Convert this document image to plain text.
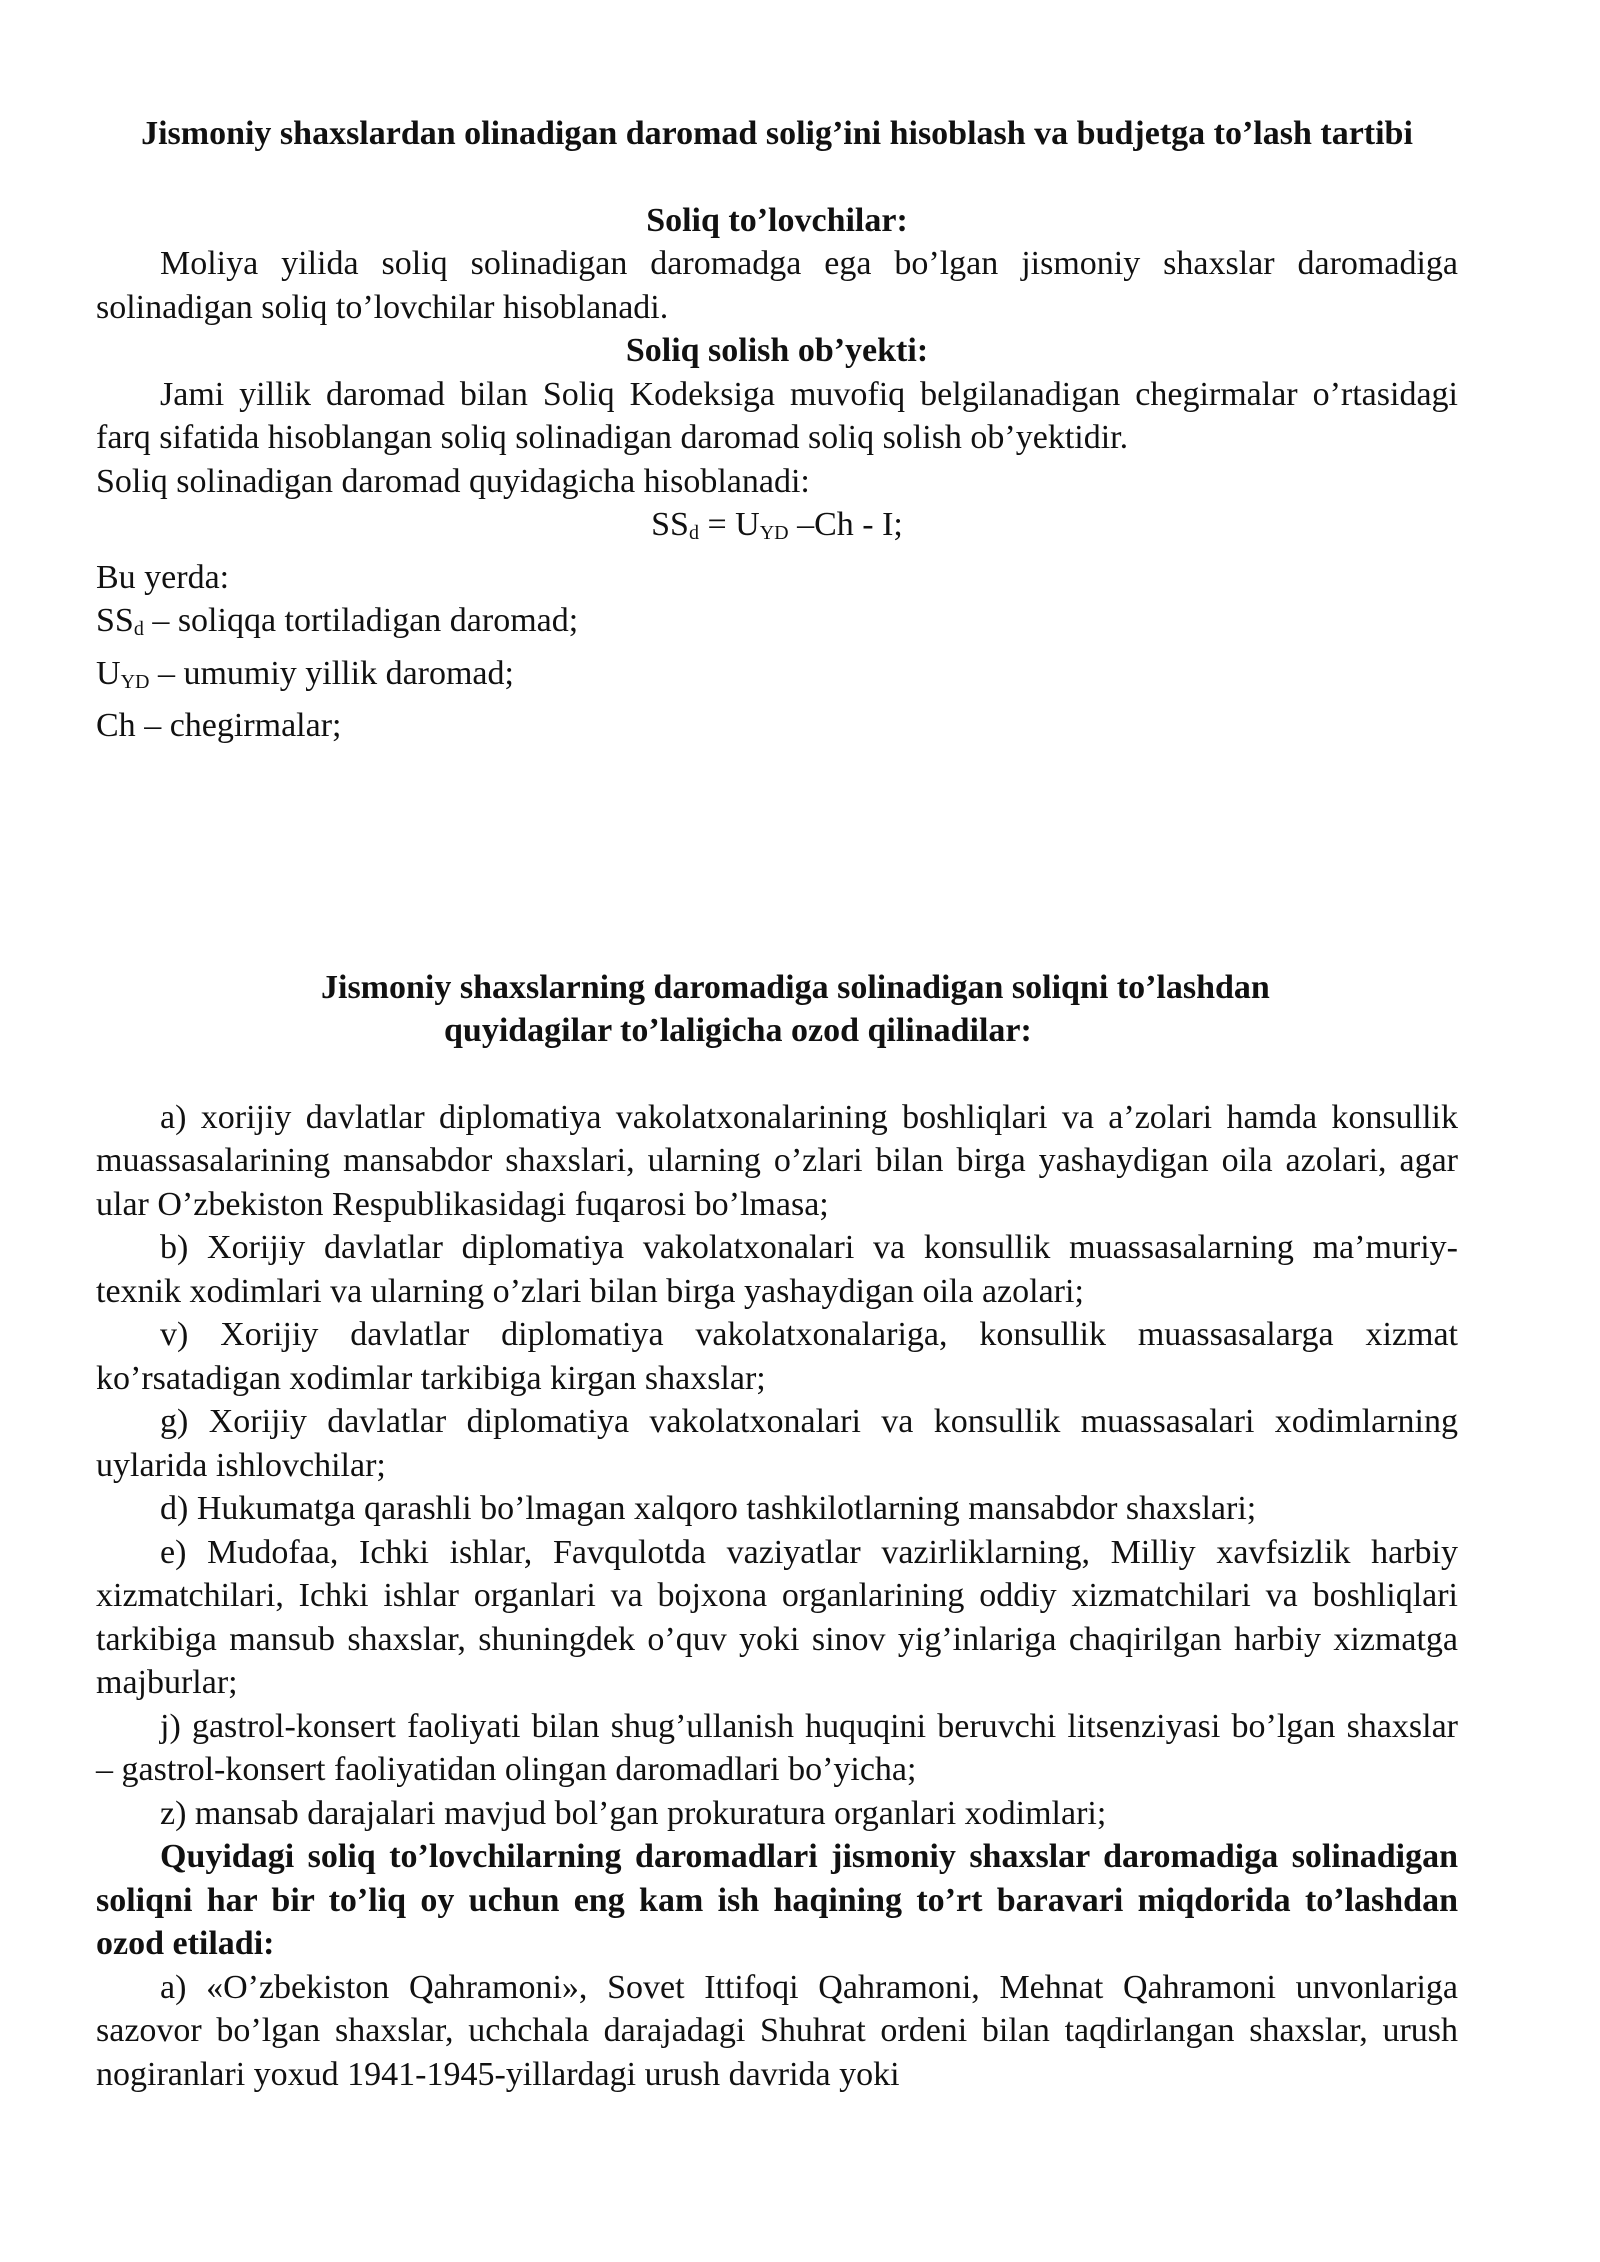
Jismoniy shaxslardan olinadigan daromad solig’ini hisoblash va budjetga to’lash tartibi

Soliq to’lovchilar:

Moliya yilida soliq solinadigan daromadga ega bo’lgan jismoniy shaxslar daromadiga solinadigan soliq to’lovchilar hisoblanadi.

Soliq solish ob’yekti:

Jami yillik daromad bilan Soliq Kodeksiga muvofiq belgilanadigan chegirmalar o’rtasidagi farq sifatida hisoblangan soliq solinadigan daromad soliq solish ob’yektidir.

Soliq solinadigan daromad quyidagicha hisoblanadi:

$SS_d = U_{YD}$ –Ch - I;

Bu yerda:

$SS_d$ – soliqqa tortiladigan daromad;

$U_{YD}$ – umumiy yillik daromad;

Ch – chegirmalar;

Jismoniy shaxslarning daromadiga solinadigan soliqni to’lashdan

quyidagilar to’laligicha ozod qilinadilar:

a) xorijiy davlatlar diplomatiya vakolatxonalarining boshliqlari va a’zolari hamda konsullik muassasalarining mansabdor shaxslari, ularning o’zlari bilan birga yashaydigan oila azolari, agar ular O’zbekiston Respublikasidagi fuqarosi bo’lmasa;

b) Xorijiy davlatlar diplomatiya vakolatxonalari va konsullik muassasalarning ma’muriy-texnik xodimlari va ularning o’zlari bilan birga yashaydigan oila azolari;

v) Xorijiy davlatlar diplomatiya vakolatxonalariga, konsullik muassasalarga xizmat ko’rsatadigan xodimlar tarkibiga kirgan shaxslar;

g) Xorijiy davlatlar diplomatiya vakolatxonalari va konsullik muassasalari xodimlarning uylarida ishlovchilar;

d) Hukumatga qarashli bo’lmagan xalqoro tashkilotlarning mansabdor shaxslari;

e) Mudofaa, Ichki ishlar, Favqulotda vaziyatlar vazirliklarning, Milliy xavfsizlik harbiy xizmatchilari, Ichki ishlar organlari va bojxona organlarining oddiy xizmatchilari va boshliqlari tarkibiga mansub shaxslar, shuningdek o’quv yoki sinov yig’inlariga chaqirilgan harbiy xizmatga majburlar;

j) gastrol-konsert faoliyati bilan shug’ullanish huquqini beruvchi litsenziyasi bo’lgan shaxslar – gastrol-konsert faoliyatidan olingan daromadlari bo’yicha;

z) mansab darajalari mavjud bol’gan prokuratura organlari xodimlari;

Quyidagi soliq to’lovchilarning daromadlari jismoniy shaxslar daromadiga solinadigan soliqni har bir to’liq oy uchun eng kam ish haqining to’rt baravari miqdorida to’lashdan ozod etiladi:

a) «O’zbekiston Qahramoni», Sovet Ittifoqi Qahramoni, Mehnat Qahramoni unvonlariga sazovor bo’lgan shaxslar, uchchala darajadagi Shuhrat ordeni bilan taqdirlangan shaxslar, urush nogiranlari yoxud 1941-1945-yillardagi urush davrida yoki
